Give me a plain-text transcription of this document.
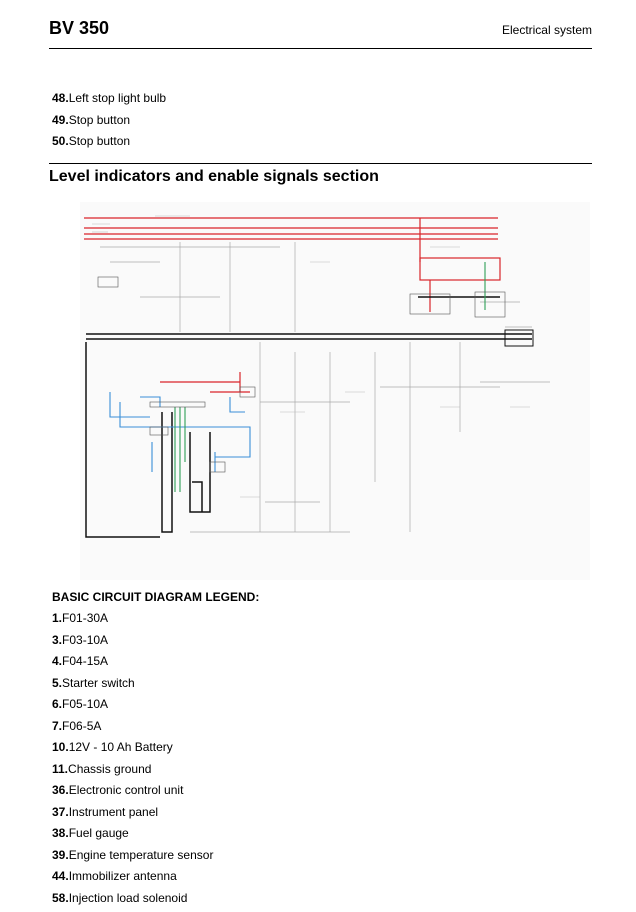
BV 350	Electrical system
48.Left stop light bulb
49.Stop button
50.Stop button
Level indicators and enable signals section
BASIC CIRCUIT DIAGRAM LEGEND:
1.F01-30A
3.F03-10A
4.F04-15A
5.Starter switch
6.F05-10A
7.F06-5A
10.12V - 10 Ah Battery
11.Chassis ground
36.Electronic control unit
37.Instrument panel
38.Fuel gauge
39.Engine temperature sensor
44.Immobilizer antenna
58.Injection load solenoid
